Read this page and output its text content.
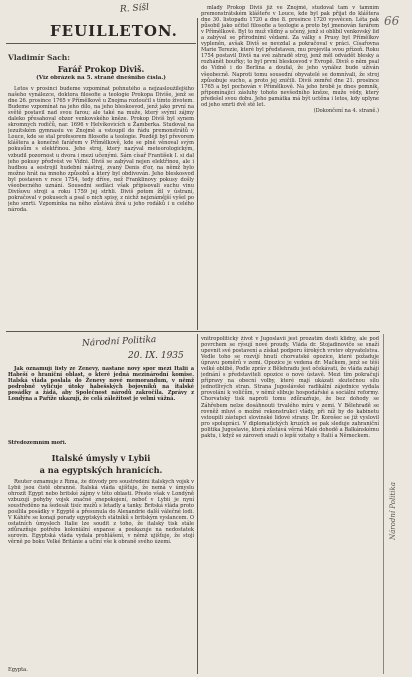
Ř. Šíšl
66
FEUILLETON.
Vladimír Sach:
Farář Prokop Diviš.
(Viz obrázek na 5. straně dnešního čísla.)

Letos v prosinci budeme vzpomínat pohnutého a nejzasloužilejšího našeho vynálezce, doktora filosofie a teologie Prokopa Diviše, jenž se dne 26. prosince 1765 v Přímělkově u Znojma rozloučil s tímto životem. Budeme vzpomínat na jeho dílo, na jeho bleskosvod, jenž jako první na světě postavil nad svou farou; ale také na muže, který svými zájmy daleko přesahoval obzor venkovského kněze. Prokop Diviš byl synem skromných rodičů, nar. 1696 v Helvíkovicích u Žamberka. Studoval na jezuitském gymnasiu ve Znojmě a vstoupil do řádu premonstrátů v Louce, kde se stal profesorem filosofie a teologie. Později byl převorem kláštera a konečně farářem v Přímělkově, kde se plně věnoval svým pokusům s elektřinou. Jeho stroj, který nazýval meteorologickým, vzbudil pozornost u dvora i mezi učenými. Sám císař František I. si dal jeho pokusy předvést ve Vídni. Diviš se zabýval nejen elektřinou, ale i hudbou a sestrojil hudební nástroj, zvaný Denis d'or, na němž bylo možno hrát na mnoho způsobů a který byl obdivován. Jeho bleskosvod byl postaven v roce 1754, tedy dříve, než Franklinovy pokusy došly všeobecného uznání. Sousední sedláci však připisovali suchu vinu Divišovu stroji a roku 1759 jej strhli. Diviš potom žil v ústraní, pokračoval v pokusech a psal o nich spisy, z nichž nejznámější vyšel po jeho smrti. Vzpomínka na něho zůstává živá u jeho rodáků i u celého národa.

mladý Prokop Diviš již ve Znojmě, studoval tam v tamním premonstrátském klášteře v Louce, kde byl pak přijat do kláštera dne 30. listopadu 1720 a dne 8. prosince 1720 vysvěcen. Léta pak působil jako učitel filosofie a teologie a proto byl jmenován farářem v Přímělkově. Byl to muž vlídný a učený, jenž si oblíbil venkovský lid a zabýval se přírodními vědami. Za války s Prusy byl Přímělkov vypleněn, avšak Diviš se nevzdal a pokračoval v práci. Císařovna Marie Terezie, které byl představen, mu projevila svou přízeň. Roku 1754 postavil Diviš na své zahradě stroj, jenž měl odvádět blesky a rozhánět bouřky; to byl první bleskosvod v Evropě. Diviš o něm psal do Vídně i do Berlína a doufal, že jeho vynález bude užíván všeobecně. Naproti tomu sousední obyvatelé se domnívali, že stroj způsobuje sucho, a proto jej zničili. Diviš zemřel dne 21. prosince 1765 a byl pochován v Přímělkově. Na jeho hrobě je dnes pomník, připomínající zásluhy tohoto nevšedního kněze, muže vědy, který předešel svou dobu. Jeho památka má být uctěna i letos, kdy uplyne od jeho smrti dvě stě let.

(Dokončení na 4. straně.)

Národní Politika
20. IX. 1935

Jak oznamují listy ze Ženevy, nastane nový spor mezi Italií a Habeší o hraniční oblast, o které jedná mezinárodní komise. Italská vláda poslala do Ženevy nové memorandum, v němž podrobně vyličuje útoky habešských bojovníků na italské posádky a žádá, aby Společnost národů zakročila. Zprávy z Londýna a Paříže ukazují, že celá záležitost je velmi vážná.

Středozemním moři.
Italské úmysly v Lybii
a na egyptských hranicích.

Reuter oznamuje z Říma, že důvody pro soustředění italských vojsk v Lybii jsou čistě obranné. Italská vláda ujišťuje, že nemá v úmyslu ohrozit Egypt nebo britské zájmy v této oblasti. Přesto však v Londýně vzbuzují pohyby vojsk značné znepokojení, neboť v Lybii je nyní soustředěno na šedesát tisíc mužů s letadly a tanky. Britská vláda proto posílila posádky v Egyptě a přesunula do Alexandrie další válečné lodi. V Káhiře se konají porady egyptských státníků s britským vyslancem. O ostatních úmyslech Italie lze soudit z toho, že italský tisk stále zdůrazňuje potřebu koloniální expanse a poukazuje na nedostatek surovin. Egyptská vláda vydala prohlášení, v němž ujišťuje, že stojí věrně po boku Velké Británie a učiní vše k obraně svého území.

Egypta.

vnitropolitický život v Jugoslavii jest prozatím dosti klidný, ale pod povrchem se rýsují nové proudy. Vláda dr. Stojadinoviče se snaží upevnit své postavení a získat podporu širokých vrstev obyvatelstva. Vedle toho se rozvíjí hnutí chorvatské opozice, které požaduje úpravu poměrů v zemi. Opozice je vedena dr. Mačkem, jenž se těší velké oblibě. Podle zpráv z Bělehradu jest očekávati, že vláda zahájí jednání s představiteli opozice o nové ústavě. Mezi tím pokračují přípravy na obecní volby, které mají ukázati skutečnou sílu jednotlivých stran. Strana Jugoslávské radikální zájednice vydala provolání k voličům, v němž slibuje hospodářské a sociální reformy. Chorvatský tisk naproti tomu zdůrazňuje, že bez dohody se Záhřebem nelze dosáhnouti trvalého míru v zemi. V Bělehradě se rovněž mluví o možné rekonstrukci vlády, při níž by do kabinetu vstoupili zástupci slovinské lidové strany. Dr. Korošec se již vyslovil pro spolupráci. V diplomatických kruzích se pak sleduje zahraniční politika Jugoslavie, která zůstává věrná Malé dohodě a Balkánskému paktu, i když se zároveň snaží o lepší vztahy s Italií a Německem.

Národní Politika
